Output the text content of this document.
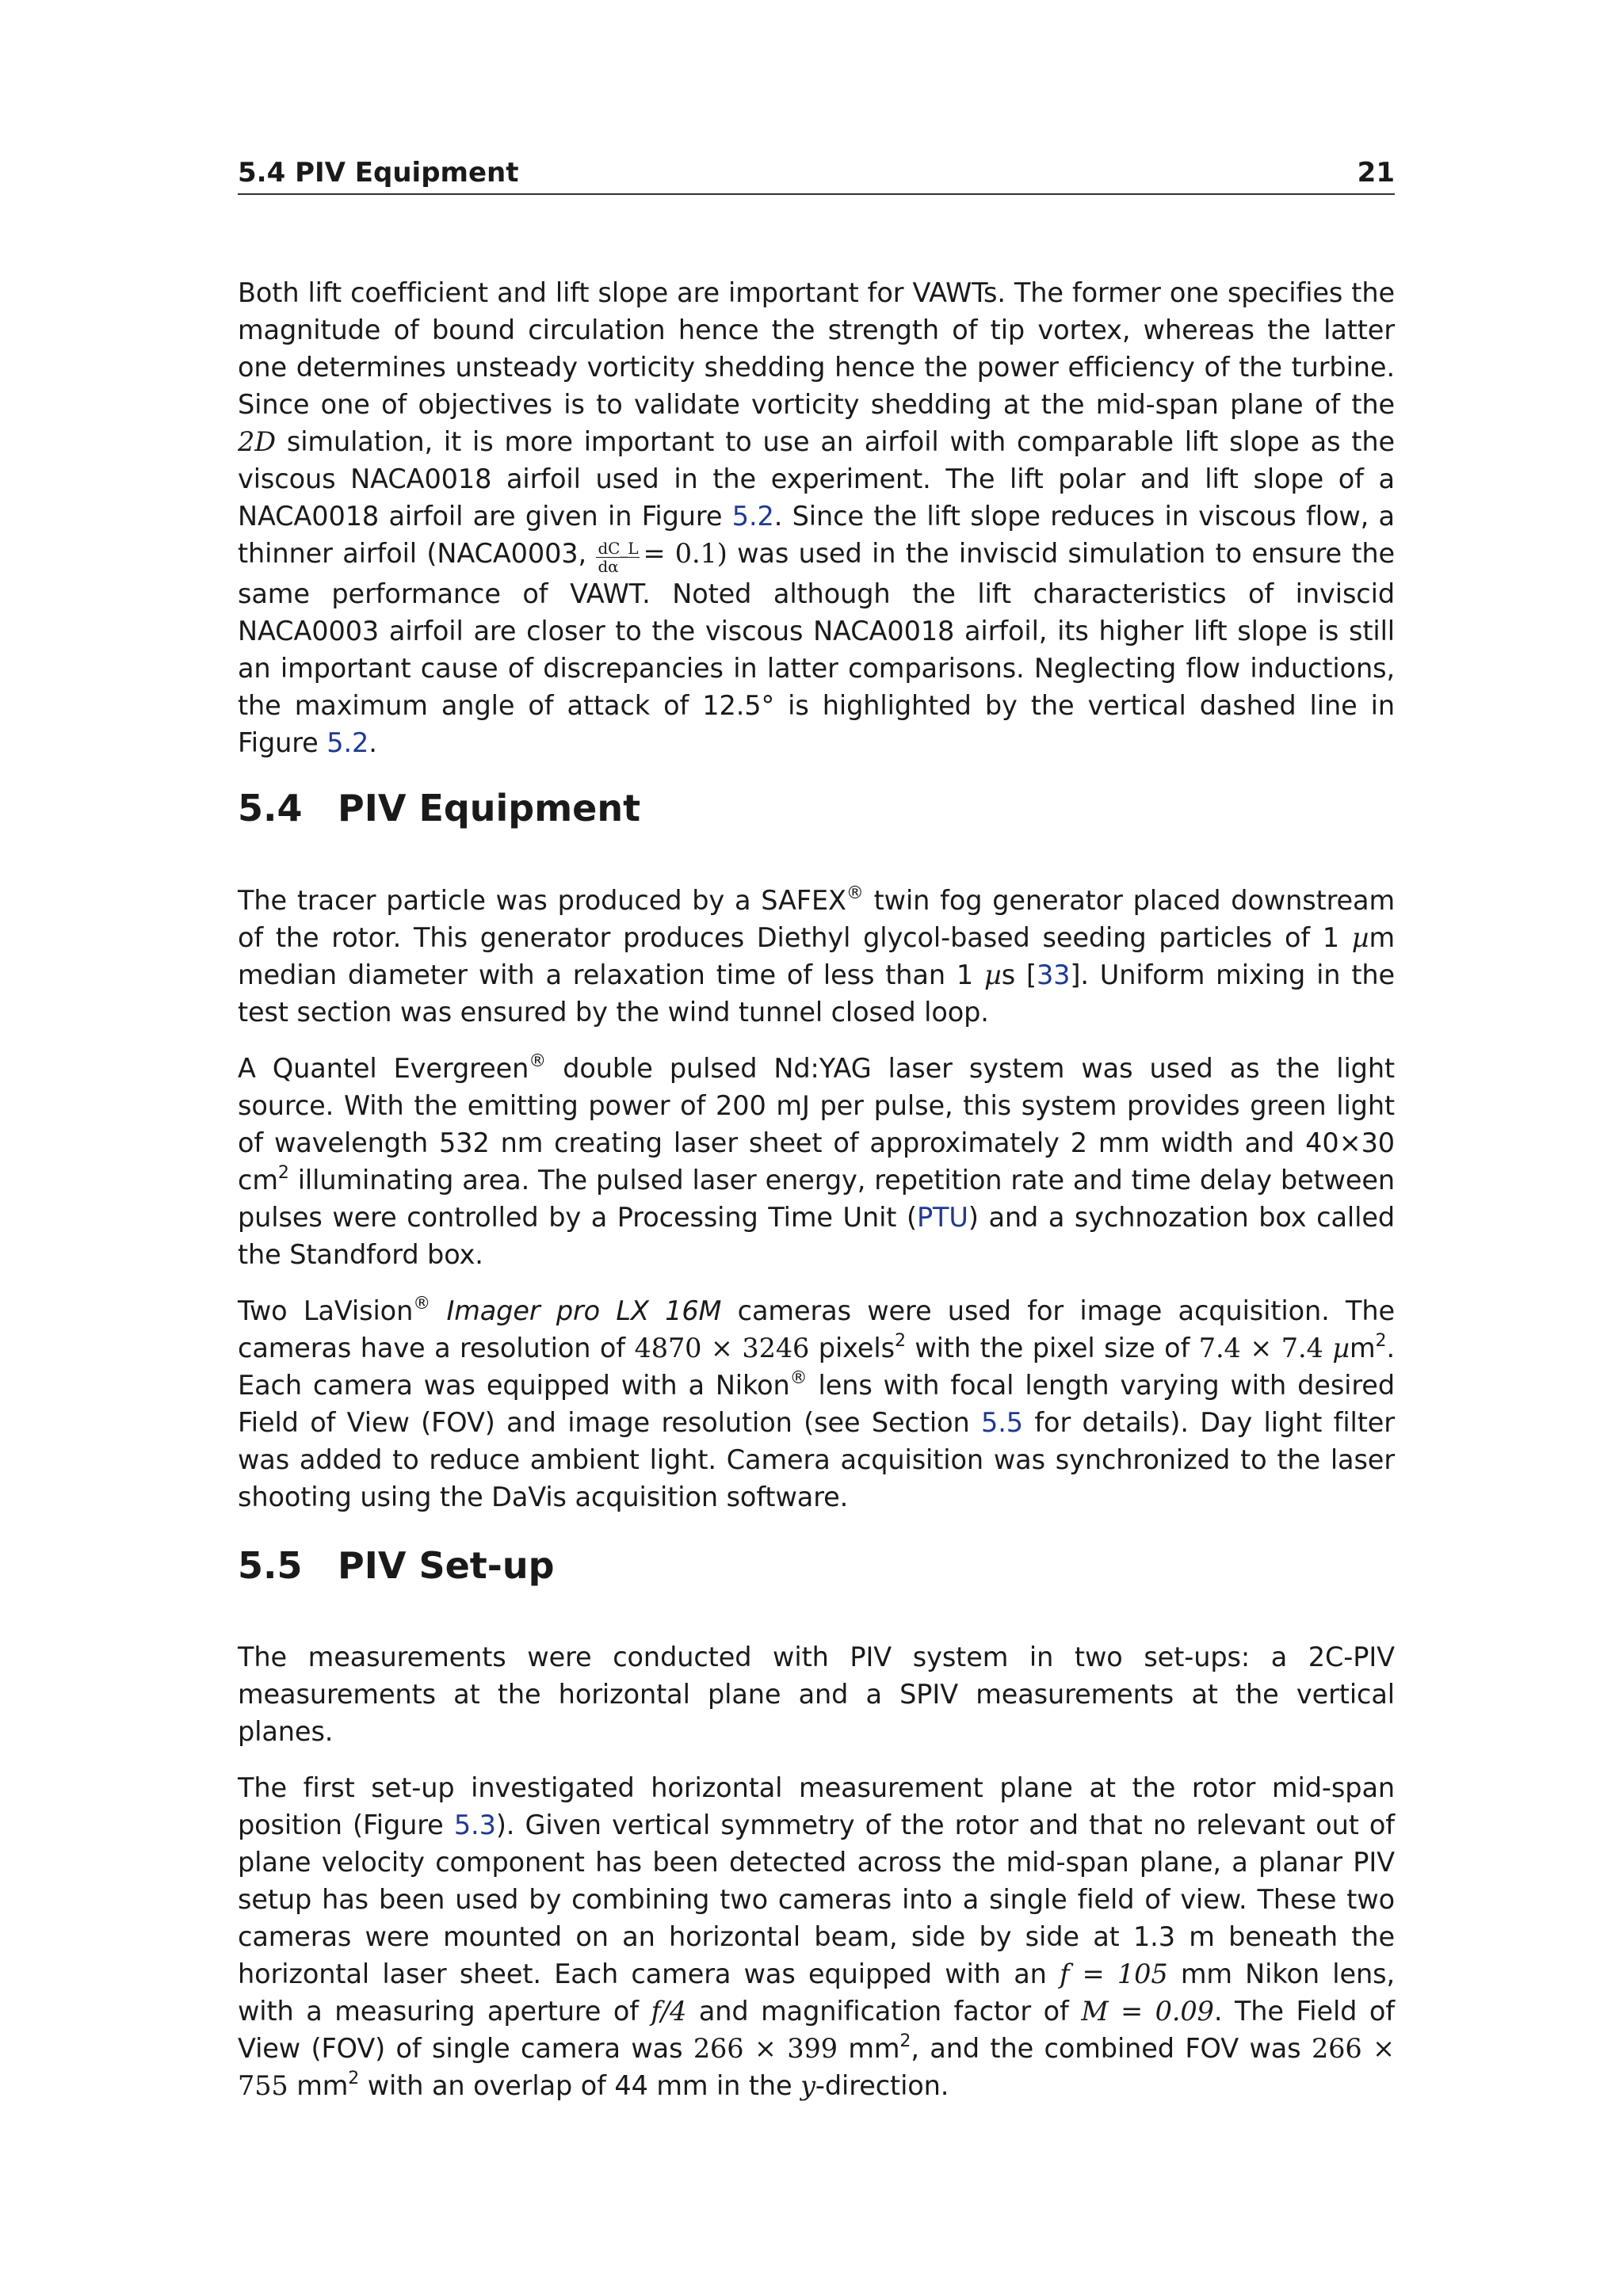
5.4 PIV Equipment	21

Both lift coefficient and lift slope are important for VAWTs. The former one specifies the magnitude of bound circulation hence the strength of tip vortex, whereas the latter one determines unsteady vorticity shedding hence the power efficiency of the turbine. Since one of objectives is to validate vorticity shedding at the mid-span plane of the 2D simulation, it is more important to use an airfoil with comparable lift slope as the viscous NACA0018 airfoil used in the experiment. The lift polar and lift slope of a NACA0018 airfoil are given in Figure 5.2. Since the lift slope reduces in viscous flow, a thinner airfoil (NACA0003, $\frac{dC\_L}{d\alpha} = 0.1$) was used in the inviscid simulation to ensure the same performance of VAWT. Noted although the lift characteristics of inviscid NACA0003 airfoil are closer to the viscous NACA0018 airfoil, its higher lift slope is still an important cause of discrepancies in latter comparisons. Neglecting flow inductions, the maximum angle of attack of 12.5° is highlighted by the vertical dashed line in Figure 5.2.

5.4 PIV Equipment

The tracer particle was produced by a SAFEX® twin fog generator placed downstream of the rotor. This generator produces Diethyl glycol-based seeding particles of 1 µm median diameter with a relaxation time of less than 1 µs [33]. Uniform mixing in the test section was ensured by the wind tunnel closed loop.

A Quantel Evergreen® double pulsed Nd:YAG laser system was used as the light source. With the emitting power of 200 mJ per pulse, this system provides green light of wavelength 532 nm creating laser sheet of approximately 2 mm width and 40×30 $cm^2$ illuminating area. The pulsed laser energy, repetition rate and time delay between pulses were controlled by a Processing Time Unit (PTU) and a sychnozation box called the Standford box.

Two LaVision® Imager pro LX 16M cameras were used for image acquisition. The cameras have a resolution of 4870 × 3246 pixels$^2$ with the pixel size of 7.4 × 7.4 µm$^2$. Each camera was equipped with a Nikon® lens with focal length varying with desired Field of View (FOV) and image resolution (see Section 5.5 for details). Day light filter was added to reduce ambient light. Camera acquisition was synchronized to the laser shooting using the DaVis acquisition software.

5.5 PIV Set-up

The measurements were conducted with PIV system in two set-ups: a 2C-PIV measurements at the horizontal plane and a SPIV measurements at the vertical planes.

The first set-up investigated horizontal measurement plane at the rotor mid-span position (Figure 5.3). Given vertical symmetry of the rotor and that no relevant out of plane velocity component has been detected across the mid-span plane, a planar PIV setup has been used by combining two cameras into a single field of view. These two cameras were mounted on an horizontal beam, side by side at 1.3 m beneath the horizontal laser sheet. Each camera was equipped with an f = 105 mm Nikon lens, with a measuring aperture of f/4 and magnification factor of M = 0.09. The Field of View (FOV) of single camera was 266 × 399 $mm^2$, and the combined FOV was 266 × 755 $mm^2$ with an overlap of 44 mm in the y-direction.
